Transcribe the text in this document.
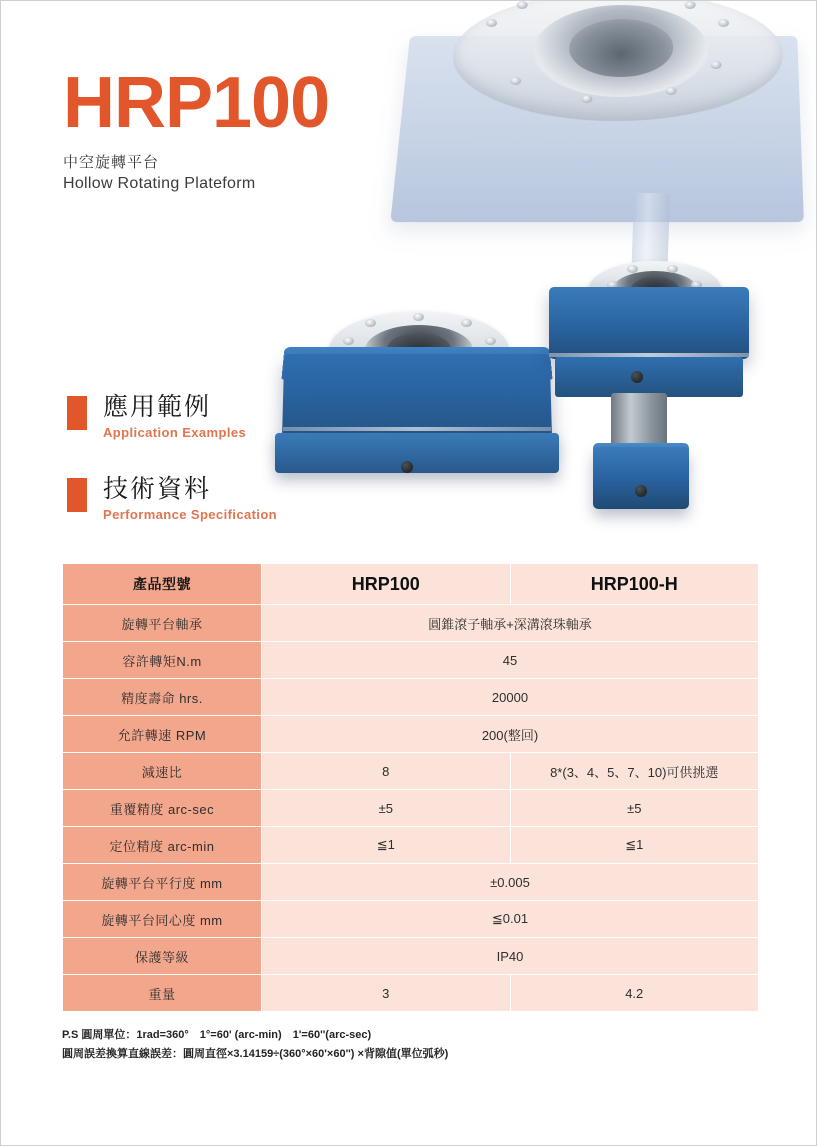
HRP100
中空旋轉平台
Hollow Rotating Plateform
應用範例
Application Examples
技術資料
Performance Specification
產品型號	HRP100	HRP100-H
旋轉平台軸承	圓錐滾子軸承+深溝滾珠軸承	
容許轉矩N.m	45	
精度壽命 hrs.	20000	
允許轉速 RPM	200(整回)	
減速比	8	8*(3、4、5、7、10)可供挑選
重覆精度 arc-sec	±5	±5
定位精度 arc-min	≦1	≦1
旋轉平台平行度 mm	±0.005	
旋轉平台同心度 mm	≦0.01	
保護等級	IP40	
重量	3	4.2
P.S 圓周單位：1rad=360°　1°=60' (arc-min)　1'=60''(arc-sec)
圓周誤差換算直線誤差：圓周直徑×3.14159÷(360°×60'×60'') ×背隙值(單位弧秒)
